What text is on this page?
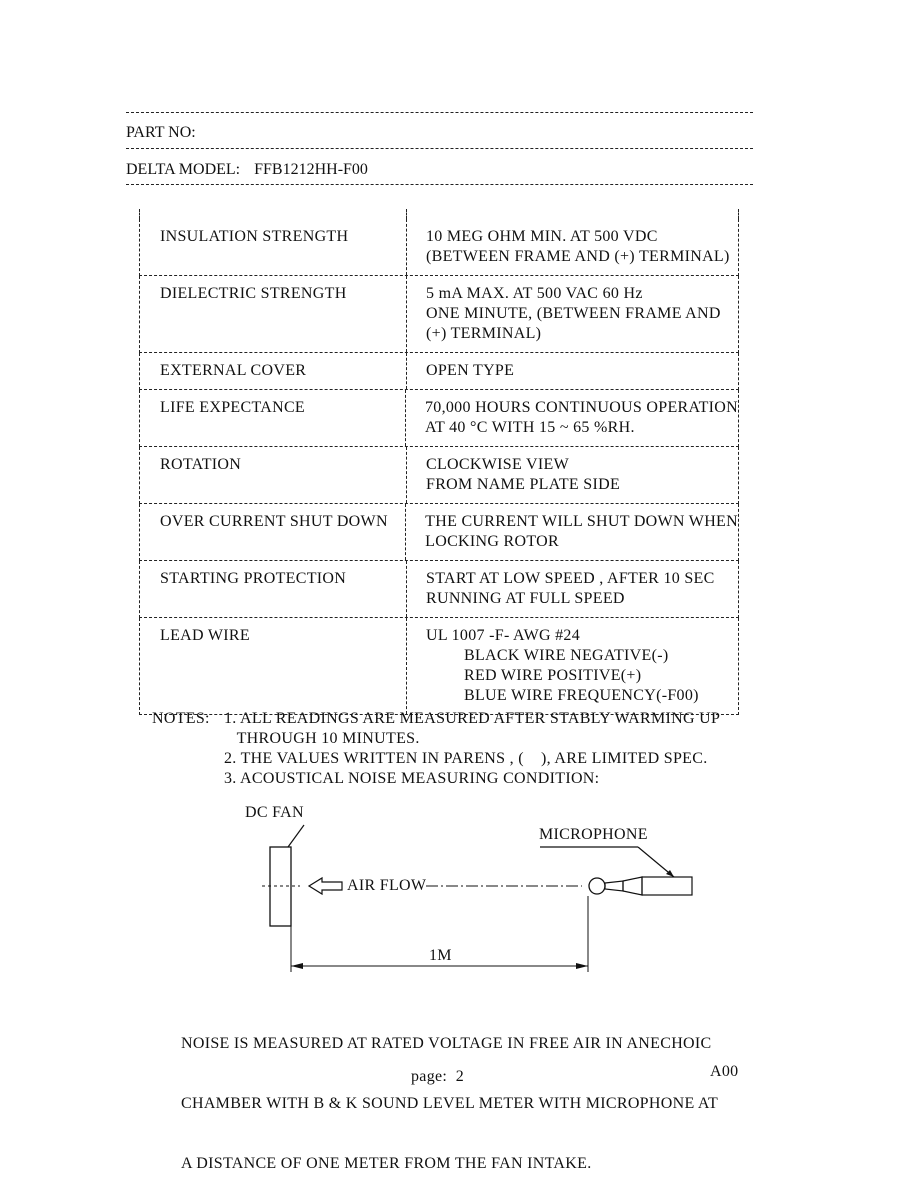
PART NO:
DELTA MODEL: FFB1212HH-F00
INSULATION STRENGTH	10 MEG OHM MIN. AT 500 VDC
(BETWEEN FRAME AND (+) TERMINAL)
DIELECTRIC STRENGTH	5 mA MAX. AT 500 VAC 60 Hz
ONE MINUTE, (BETWEEN FRAME AND
(+) TERMINAL)
EXTERNAL COVER	OPEN TYPE
LIFE EXPECTANCE	70,000 HOURS CONTINUOUS OPERATION
AT 40 °C WITH 15 ~ 65 %RH.
ROTATION	CLOCKWISE VIEW
FROM NAME PLATE SIDE
OVER CURRENT SHUT DOWN	THE CURRENT WILL SHUT DOWN WHEN
LOCKING ROTOR
STARTING PROTECTION	START AT LOW SPEED , AFTER 10 SEC
RUNNING AT FULL SPEED
LEAD WIRE	UL 1007 -F- AWG #24
BLACK WIRE NEGATIVE(-)
RED WIRE POSITIVE(+)
BLUE WIRE FREQUENCY(-F00)
NOTES: 1. ALL READINGS ARE MEASURED AFTER STABLY WARMING UP
THROUGH 10 MINUTES.
2. THE VALUES WRITTEN IN PARENS , (    ), ARE LIMITED SPEC.
3. ACOUSTICAL NOISE MEASURING CONDITION:
DC FAN
MICROPHONE
AIR FLOW
1M

NOISE IS MEASURED AT RATED VOLTAGE IN FREE AIR IN ANECHOIC

CHAMBER WITH B & K SOUND LEVEL METER WITH MICROPHONE AT

A DISTANCE OF ONE METER FROM THE FAN INTAKE.

page:  2	A00
